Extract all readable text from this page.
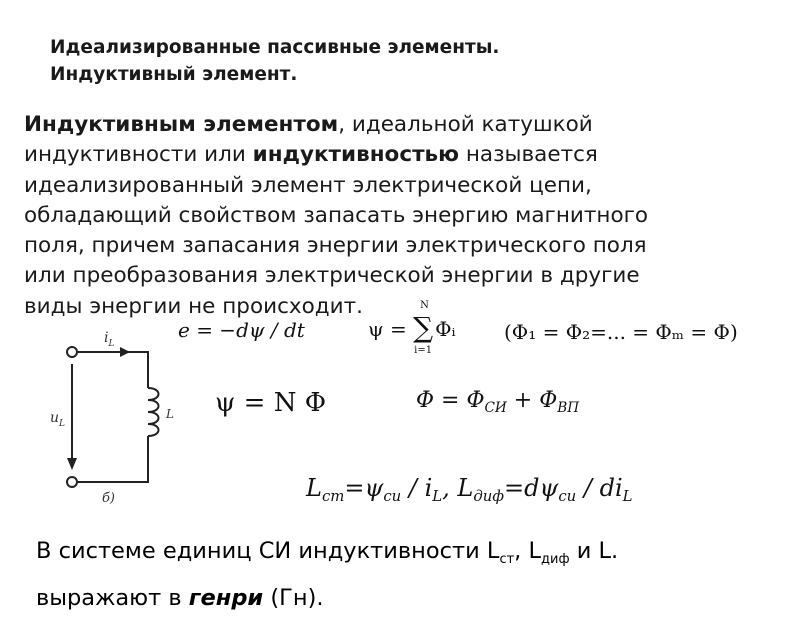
Идеализированные пассивные элементы.
Индуктивный элемент.
Индуктивным элементом, идеальной катушкой
индуктивности или индуктивностью называется
идеализированный элемент электрической цепи,
обладающий свойством запасать энергию магнитного
поля, причем запасания энергии электрического поля
или преобразования электрической энергии в другие
виды энергии не происходит.
$i_L$
$u_L$
L
б)
e = −dψ / dt	ψ =
N
∑
i=1
Φᵢ (Φ₁ = Φ₂=... = Φₘ = Φ)
ψ = N Φ	$\Phi = \Phi_{СИ} + \Phi_{ВП}$
$L_{ст}=\psi_{си} / i_L$, $L_{диф}=d\psi_{си} / di_L$
В системе единиц СИ индуктивности $L_{ст}$, $L_{диф}$ и L.
выражают в генри (Гн).
